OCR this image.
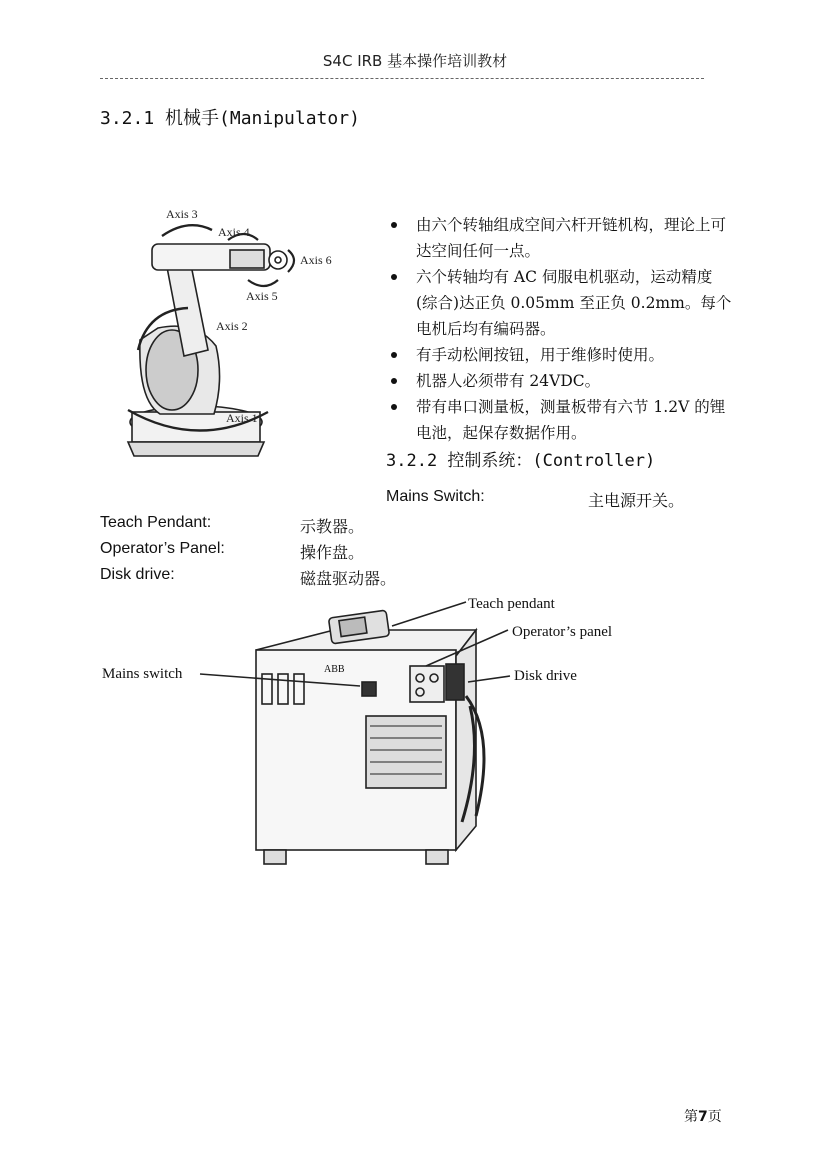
S4C IRB 基本操作培训教材
3.2.1 机械手(Manipulator)
Axis 1
Axis 2
Axis 3
Axis 4
Axis 5
Axis 6
由六个转轴组成空间六杆开链机构，理论上可达空间任何一点。
六个转轴均有 AC 伺服电机驱动，运动精度(综合)达正负 0.05mm 至正负 0.2mm。每个电机后均有编码器。
有手动松闸按钮，用于维修时使用。
机器人必须带有 24VDC。
带有串口测量板，测量板带有六节 1.2V 的锂电池，起保存数据作用。
3.2.2 控制系统：(Controller)
Mains Switch:	主电源开关。
Teach Pendant:	示教器。
Operator’s Panel:	操作盘。
Disk drive:	磁盘驱动器。
ABB
Teach pendant
Operator’s panel
Mains switch	Disk drive
第7页
